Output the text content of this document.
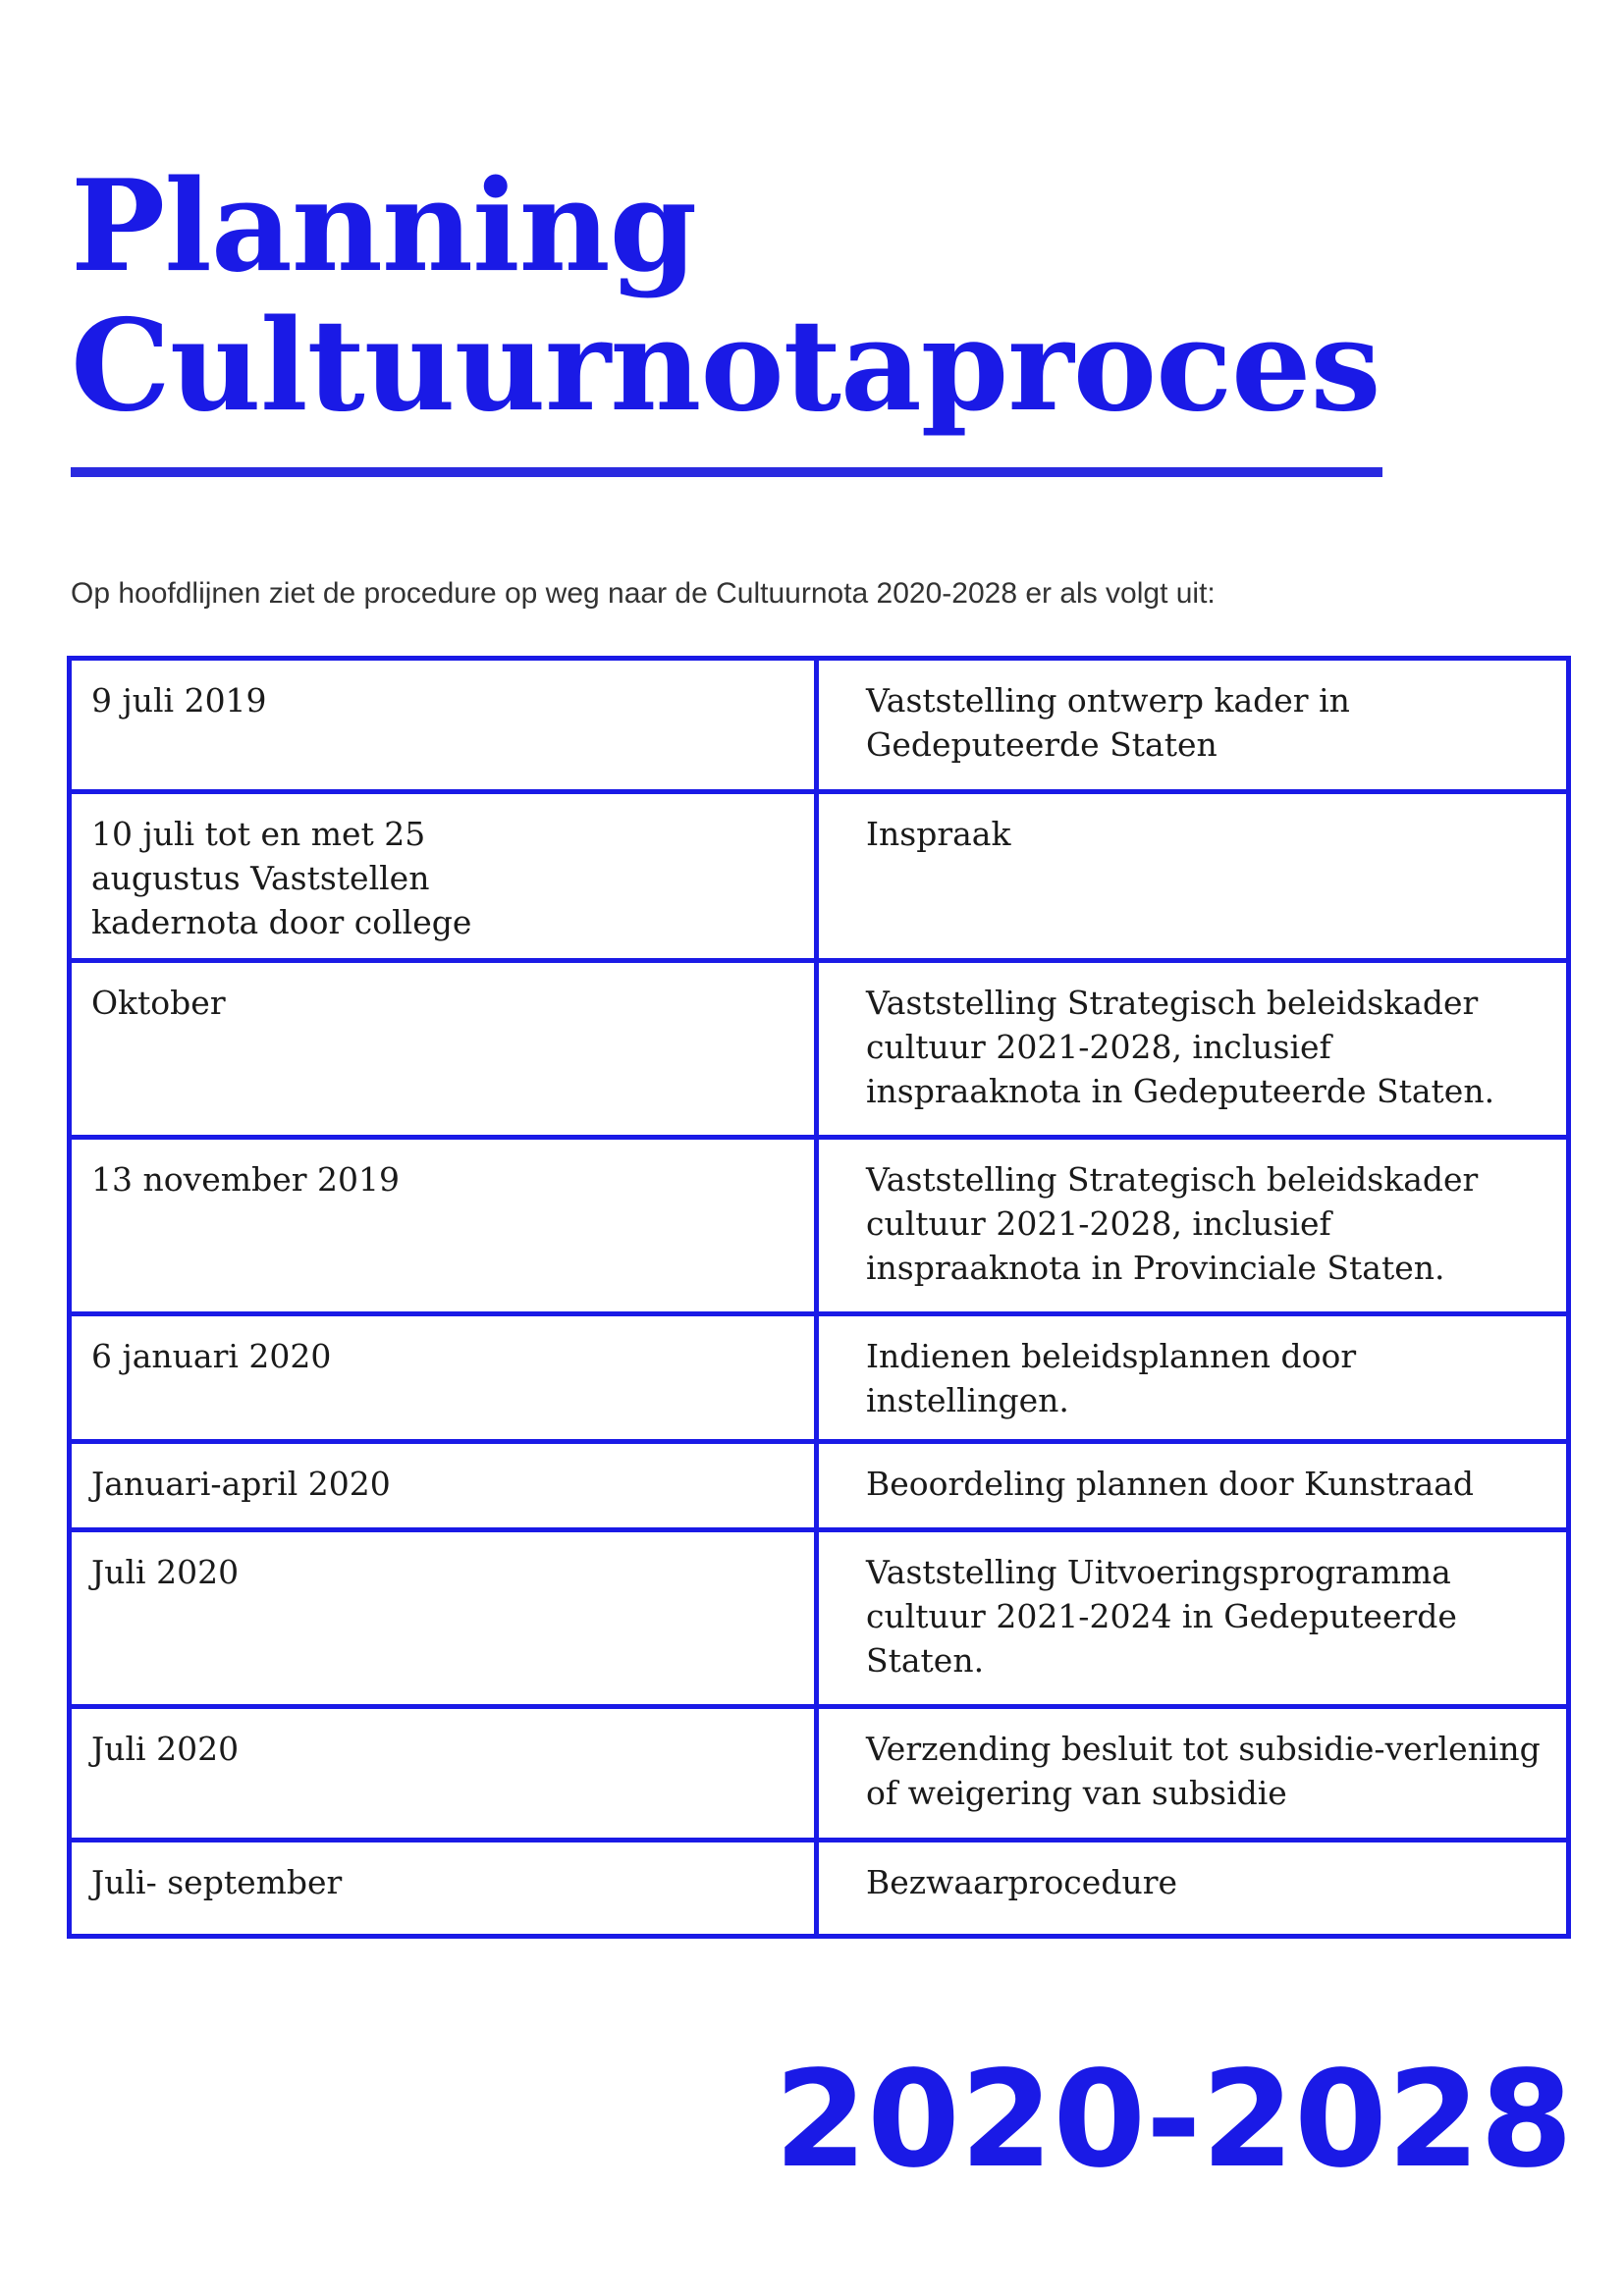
Planning
Cultuurnotaproces

Op hoofdlijnen ziet de procedure op weg naar de Cultuurnota 2020-2028 er als volgt uit:

9 juli 2019	Vaststelling ontwerp kader in Gedeputeerde Staten
10 juli tot en met 25 augustus Vaststellen kadernota door college	Inspraak
Oktober	Vaststelling Strategisch beleidskader cultuur 2021-2028, inclusief inspraaknota in Gedeputeerde Staten.
13 november 2019	Vaststelling Strategisch beleidskader cultuur 2021-2028, inclusief inspraaknota in Provinciale Staten.
6 januari 2020	Indienen beleidsplannen door instellingen.
Januari-april 2020	Beoordeling plannen door Kunstraad
Juli 2020	Vaststelling Uitvoeringsprogramma cultuur 2021-2024 in Gedeputeerde Staten.
Juli 2020	Verzending besluit tot subsidie-verlening of weigering van subsidie
Juli- september	Bezwaarprocedure
2020-2028
